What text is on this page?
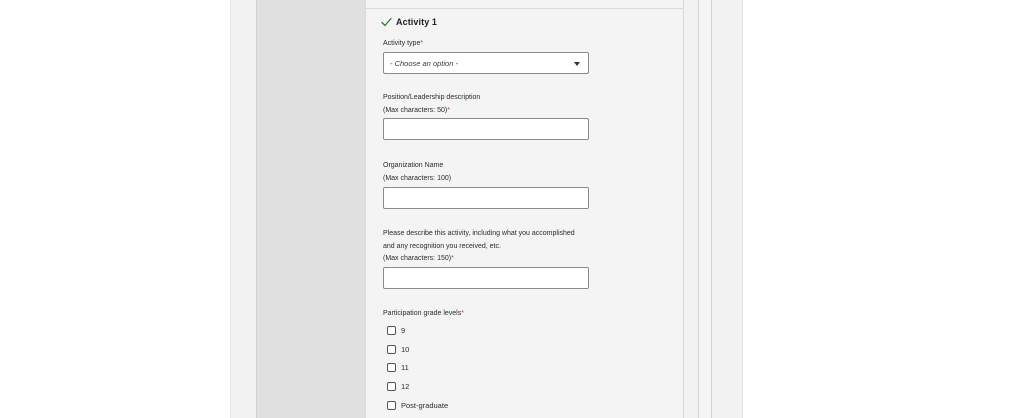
Activity 1
Activity type*
- Choose an option -
Position/Leadership description
(Max characters: 50)*
Organization Name
(Max characters: 100)
Please describe this activity, including what you accomplished
and any recognition you received, etc.
(Max characters: 150)*
Participation grade levels*
9
10
11
12
Post-graduate
